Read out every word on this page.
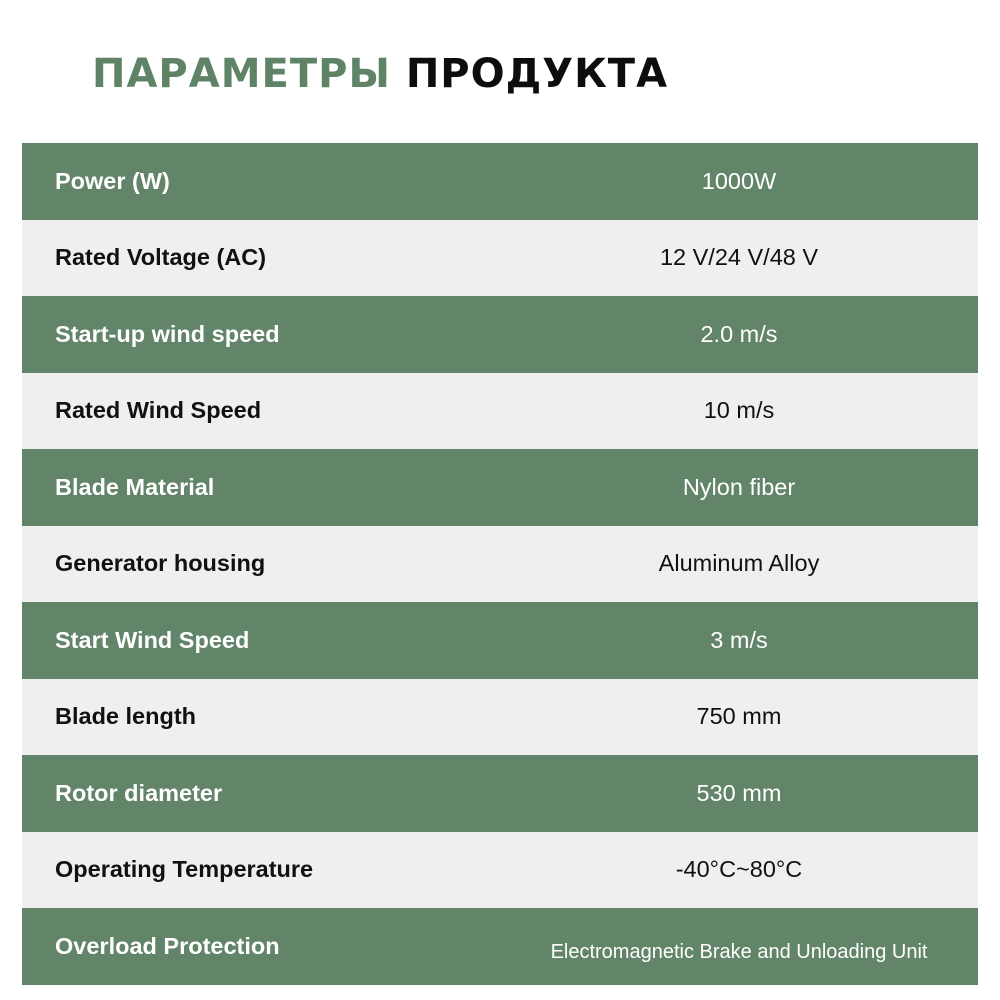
ПАРАМЕТРЫ ПРОДУКТА
Power (W)	1000W
Rated Voltage (AC)	12 V/24 V/48 V
Start-up wind speed	2.0 m/s
Rated Wind Speed	10 m/s
Blade Material	Nylon fiber
Generator housing	Aluminum Alloy
Start Wind Speed	3 m/s
Blade length	750 mm
Rotor diameter	530 mm
Operating Temperature	-40°C~80°C
Overload Protection	Electromagnetic Brake and Unloading Unit
